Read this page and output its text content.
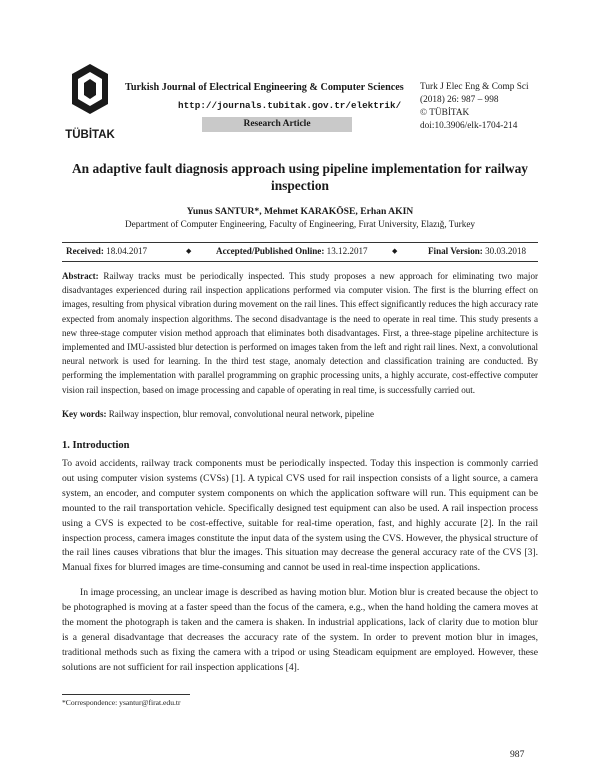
TÜBİTAK
Turkish Journal of Electrical Engineering & Computer Sciences
http://journals.tubitak.gov.tr/elektrik/
Research Article
Turk J Elec Eng & Comp Sci
(2018) 26: 987 – 998
© TÜBİTAK
doi:10.3906/elk-1704-214
An adaptive fault diagnosis approach using pipeline implementation for railway inspection
Yunus SANTUR*, Mehmet KARAKÖSE, Erhan AKIN
Department of Computer Engineering, Faculty of Engineering, Fırat University, Elazığ, Turkey
Received: 18.04.2017	◆	Accepted/Published Online: 13.12.2017	◆	Final Version: 30.03.2018
Abstract: Railway tracks must be periodically inspected. This study proposes a new approach for eliminating two major disadvantages experienced during rail inspection applications performed via computer vision. The first is the blurring effect on images, resulting from physical vibration during movement on the rail lines. This effect significantly reduces the high accuracy rate expected from anomaly inspection algorithms. The second disadvantage is the need to operate in real time. This study presents a new three-stage computer vision method approach that eliminates both disadvantages. First, a three-stage pipeline architecture is implemented and IMU-assisted blur detection is performed on images taken from the left and right rail lines. Next, a convolutional neural network is used for learning. In the third test stage, anomaly detection and classification training are conducted. By performing the implementation with parallel programming on graphic processing units, a highly accurate, cost-effective computer vision rail inspection, based on image processing and capable of operating in real time, is successfully carried out.
Key words: Railway inspection, blur removal, convolutional neural network, pipeline
1. Introduction
To avoid accidents, railway track components must be periodically inspected. Today this inspection is commonly carried out using computer vision systems (CVSs) [1]. A typical CVS used for rail inspection consists of a light source, a camera system, an encoder, and computer system components on which the application software will run. This equipment can be mounted to the rail transportation vehicle. Specifically designed test equipment can also be used. A rail inspection process using a CVS is expected to be cost-effective, suitable for real-time operation, fast, and highly accurate [2]. In the rail inspection process, camera images constitute the input data of the system using the CVS. However, the physical structure of the rail lines causes vibrations that blur the images. This situation may decrease the general accuracy rate of the CVS [3]. Manual fixes for blurred images are time-consuming and cannot be used in real-time inspection applications.
In image processing, an unclear image is described as having motion blur. Motion blur is created because the object to be photographed is moving at a faster speed than the focus of the camera, e.g., when the hand holding the camera moves at the moment the photograph is taken and the camera is shaken. In industrial applications, lack of clarity due to motion blur is a general disadvantage that decreases the accuracy rate of the system. In order to prevent motion blur in images, traditional methods such as fixing the camera with a tripod or using Steadicam equipment are employed. However, these solutions are not sufficient for rail inspection applications [4].
*Correspondence: ysantur@firat.edu.tr
987
